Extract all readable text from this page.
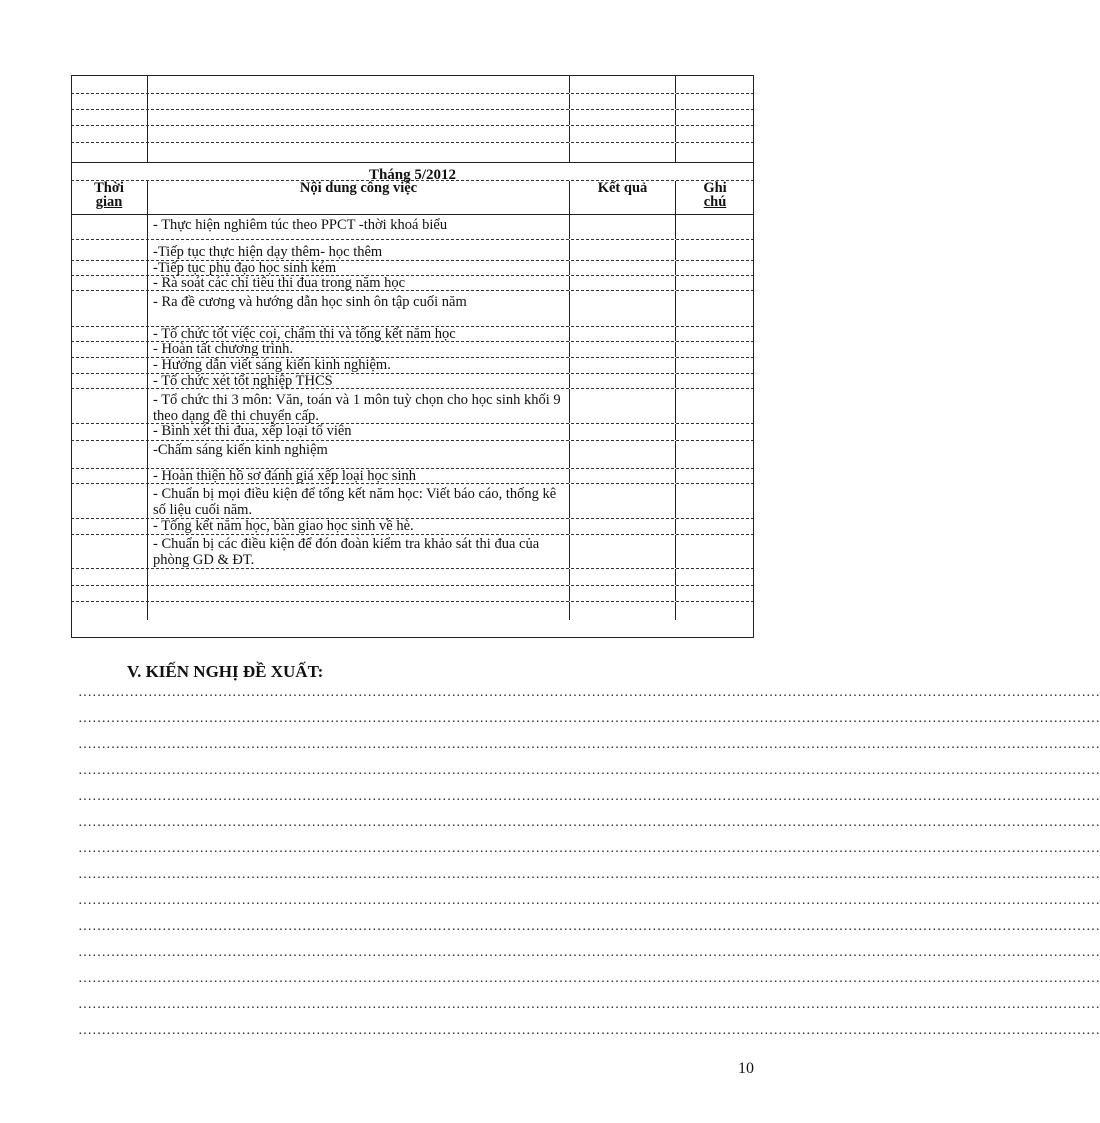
Tháng 5/2012
Thời
gian
Nội dung công việc	Kết quả	Ghi
chú
- Thực hiện nghiêm túc theo PPCT -thời khoá biểu
-Tiếp tục thực hiện dạy thêm- học thêm
-Tiếp tục phụ đạo học sinh kém
- Rà soát các chỉ tiêu thi đua trong năm học
- Ra đề cương và hướng dẫn học sinh ôn tập cuối năm
- Tổ chức tốt việc coi, chấm thi và tổng kết năm học
- Hoàn tất chương trình.
- Hướng dẫn viết sáng kiến kinh nghiệm.
- Tổ chức xét tốt nghiệp THCS
- Tổ chức thi 3 môn: Văn, toán và 1 môn tuỳ chọn cho học sinh khối 9 theo dạng đề thi chuyển cấp.
- Bình xét thi đua, xếp loại tổ viên
-Chấm sáng kiến kinh nghiệm
- Hoàn thiện hồ sơ đánh giá xếp loại học sinh
- Chuẩn bị mọi điều kiện để tổng kết năm học: Viết báo cáo, thống kê số liệu cuối năm.
- Tổng kết năm học, bàn giao học sinh về hè.
- Chuẩn bị các điều kiện để đón đoàn kiểm tra khảo sát thi đua của phòng GD & ĐT.
V. KIẾN NGHỊ ĐỀ XUẤT:
…………………………………………………………………………………………………………………………………………………………………………………………………
…………………………………………………………………………………………………………………………………………………………………………………………………
…………………………………………………………………………………………………………………………………………………………………………………………………
…………………………………………………………………………………………………………………………………………………………………………………………………
…………………………………………………………………………………………………………………………………………………………………………………………………
…………………………………………………………………………………………………………………………………………………………………………………………………
…………………………………………………………………………………………………………………………………………………………………………………………………
…………………………………………………………………………………………………………………………………………………………………………………………………
…………………………………………………………………………………………………………………………………………………………………………………………………
…………………………………………………………………………………………………………………………………………………………………………………………………
…………………………………………………………………………………………………………………………………………………………………………………………………
…………………………………………………………………………………………………………………………………………………………………………………………………
…………………………………………………………………………………………………………………………………………………………………………………………………
…………………………………………………………………………………………………………………………………………………………………………………………………
10
